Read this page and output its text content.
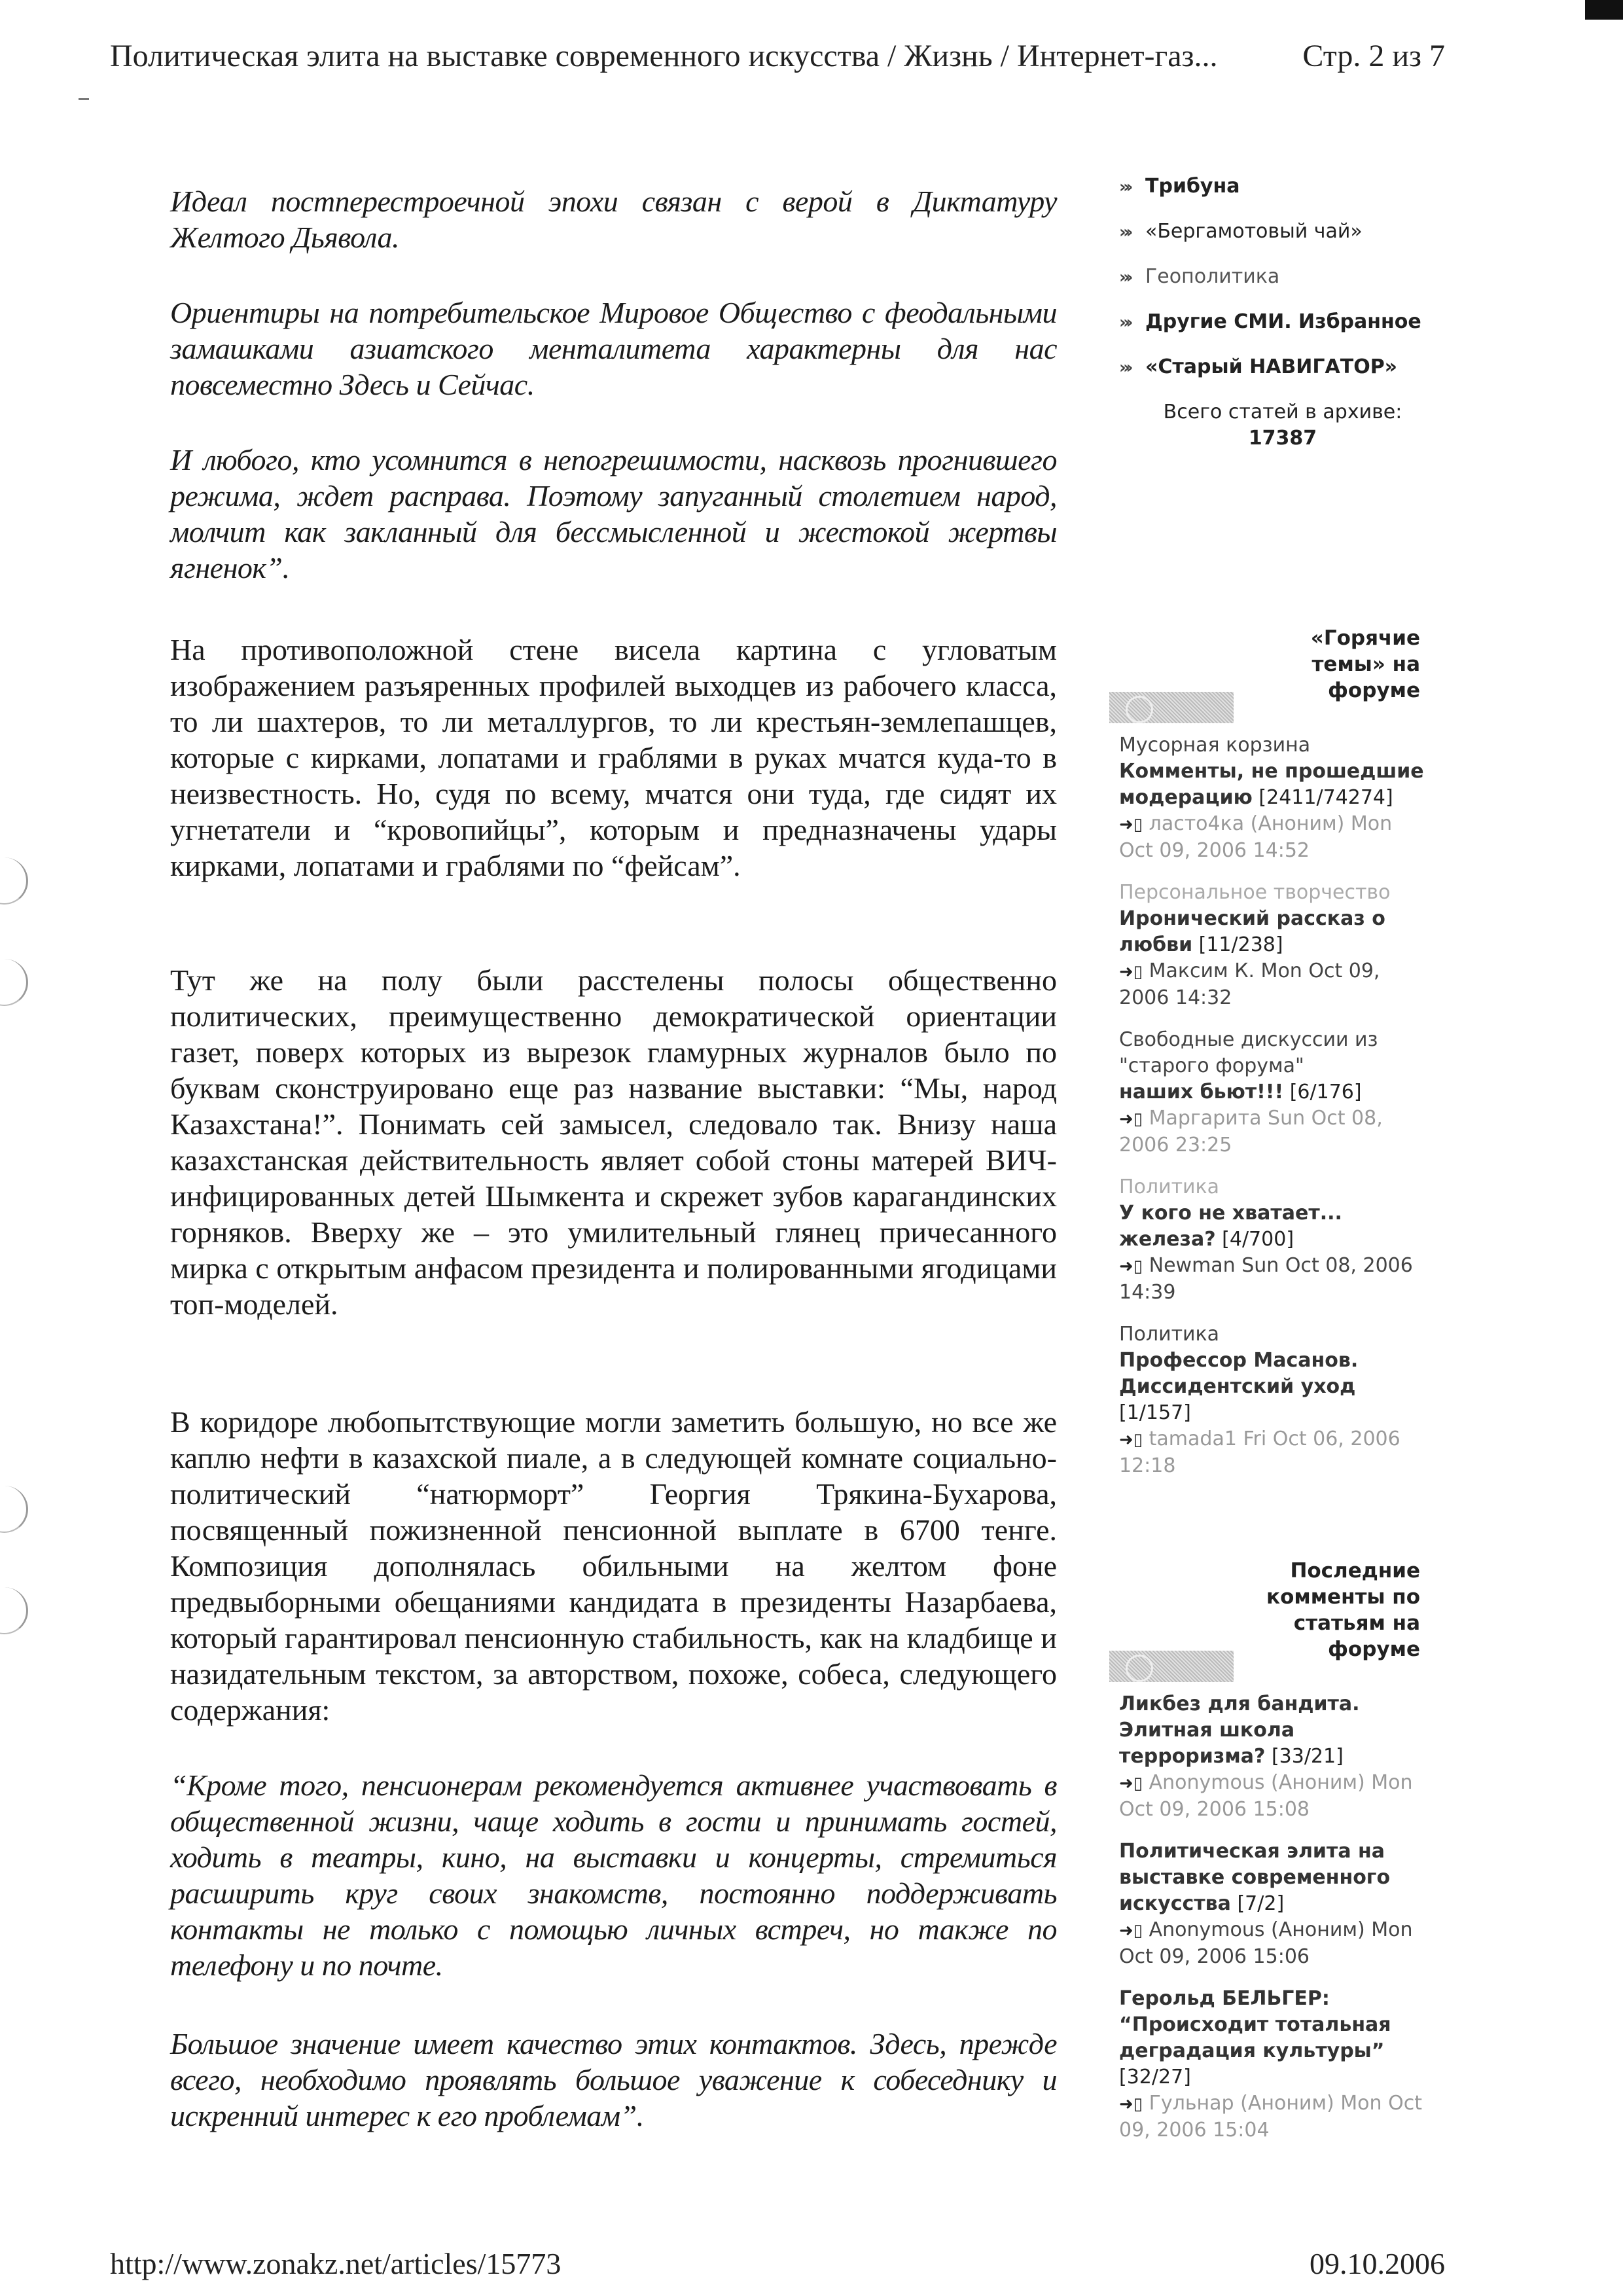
Политическая элита на выставке современного искусства / Жизнь / Интернет-газ...	Стр. 2 из 7

Идеал постперестроечной эпохи связан с верой в Диктатуру Желтого Дьявола.

Ориентиры на потребительское Мировое Общество с феодальными замашками азиатского менталитета характерны для нас повсеместно Здесь и Сейчас.

И любого, кто усомнится в непогрешимости, насквозь прогнившего режима, ждет расправа. Поэтому запуганный столетием народ, молчит как закланный для бессмысленной и жестокой жертвы ягненок”.

На противоположной стене висела картина с угловатым изображением разъяренных профилей выходцев из рабочего класса, то ли шахтеров, то ли металлургов, то ли крестьян-землепашцев, которые с кирками, лопатами и граблями в руках мчатся куда-то в неизвестность. Но, судя по всему, мчатся они туда, где сидят их угнетатели и “кровопийцы”, которым и предназначены удары кирками, лопатами и граблями по “фейсам”.

Тут же на полу были расстелены полосы общественно политических, преимущественно демократической ориентации газет, поверх которых из вырезок гламурных журналов было по буквам сконструировано еще раз название выставки: “Мы, народ Казахстана!”. Понимать сей замысел, следовало так. Внизу наша казахстанская действительность являет собой стоны матерей ВИЧ-инфицированных детей Шымкента и скрежет зубов карагандинских горняков. Вверху же – это умилительный глянец причесанного мирка с открытым анфасом президента и полированными ягодицами топ-моделей.

В коридоре любопытствующие могли заметить большую, но все же каплю нефти в казахской пиале, а в следующей комнате социально-политический “натюрморт” Георгия Трякина-Бухарова, посвященный пожизненной пенсионной выплате в 6700 тенге. Композиция дополнялась обильными на желтом фоне предвыборными обещаниями кандидата в президенты Назарбаева, который гарантировал пенсионную стабильность, как на кладбище и назидательным текстом, за авторством, похоже, собеса, следующего содержания:

“Кроме того, пенсионерам рекомендуется активнее участвовать в общественной жизни, чаще ходить в гости и принимать гостей, ходить в театры, кино, на выставки и концерты, стремиться расширить круг своих знакомств, постоянно поддерживать контакты не только с помощью личных встреч, но также по телефону и по почте.

Большое значение имеет качество этих контактов. Здесь, прежде всего, необходимо проявлять большое уважение к собеседнику и искренний интерес к его проблемам”.

»› Трибуна
»› «Бергамотовый чай»
»› Геополитика
»› Другие СМИ. Избранное
»› «Старый НАВИГАТОР»
Всего статей в архиве: 17387
«Горячие темы» на форуме
Мусорная корзина
Комменты, не прошедшие модерацию [2411/74274]
➜▯ ласто4ка (Аноним) Mon Oct 09, 2006 14:52
Персональное творчество
Иронический рассказ о любви [11/238]
➜▯ Максим К. Mon Oct 09, 2006 14:32
Свободные дискуссии из "старого форума"
наших бьют!!! [6/176]
➜▯ Маргарита Sun Oct 08, 2006 23:25
Политика
У кого не хватает... железа? [4/700]
➜▯ Newman Sun Oct 08, 2006 14:39
Политика
Профессор Масанов. Диссидентский уход [1/157]
➜▯ tamada1 Fri Oct 06, 2006 12:18
Последние комменты по статьям на форуме
Ликбез для бандита. Элитная школа терроризма? [33/21]
➜▯ Anonymous (Аноним) Mon Oct 09, 2006 15:08
Политическая элита на выставке современного искусства [7/2]
➜▯ Anonymous (Аноним) Mon Oct 09, 2006 15:06
Герольд БЕЛЬГЕР: “Происходит тотальная деградация культуры” [32/27]
➜▯ Гульнар (Аноним) Mon Oct 09, 2006 15:04
http://www.zonakz.net/articles/15773	09.10.2006
